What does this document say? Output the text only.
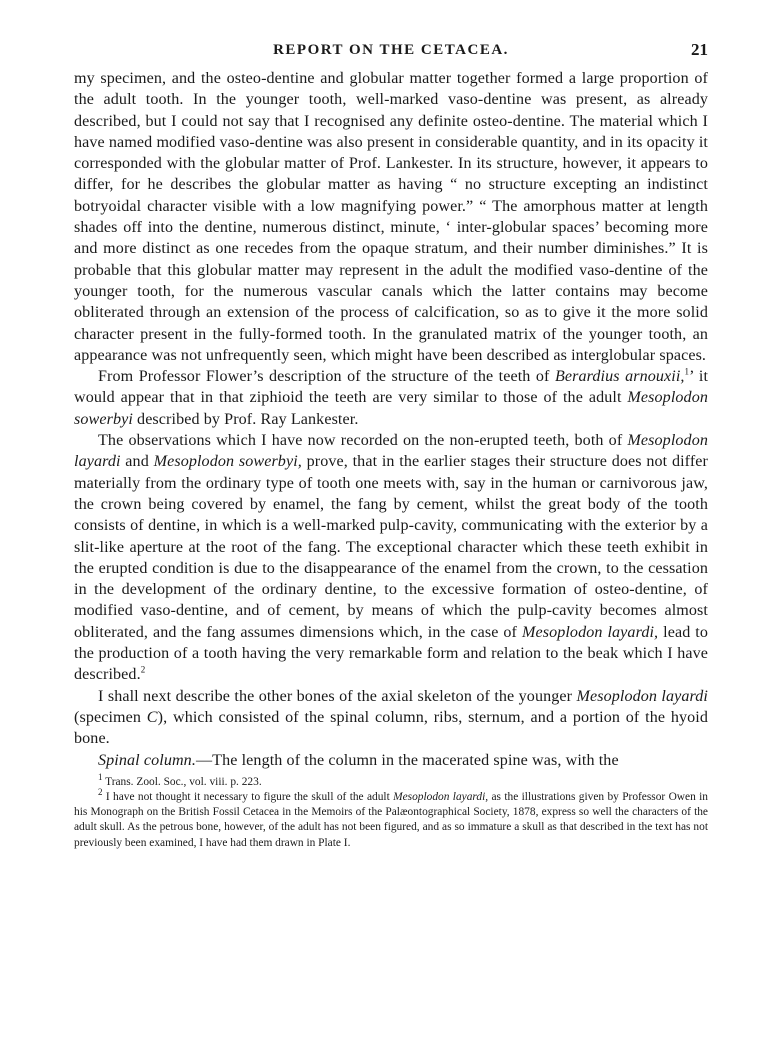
REPORT ON THE CETACEA.	21

my specimen, and the osteo-dentine and globular matter together formed a large proportion of the adult tooth. In the younger tooth, well-marked vaso-dentine was present, as already described, but I could not say that I recognised any definite osteo-dentine. The material which I have named modified vaso-dentine was also present in considerable quantity, and in its opacity it corresponded with the globular matter of Prof. Lankester. In its structure, however, it appears to differ, for he describes the globular matter as having “ no structure excepting an indistinct botryoidal character visible with a low magnifying power.” “ The amorphous matter at length shades off into the dentine, numerous distinct, minute, ‘ inter-globular spaces’ becoming more and more distinct as one recedes from the opaque stratum, and their number diminishes.” It is probable that this globular matter may represent in the adult the modified vaso-dentine of the younger tooth, for the numerous vascular canals which the latter contains may become obliterated through an extension of the process of calcification, so as to give it the more solid character present in the fully-formed tooth. In the granulated matrix of the younger tooth, an appearance was not unfrequently seen, which might have been described as interglobular spaces.

From Professor Flower’s description of the structure of the teeth of Berardius arnouxii,$^1$’ it would appear that in that ziphioid the teeth are very similar to those of the adult Mesoplodon sowerbyi described by Prof. Ray Lankester.

The observations which I have now recorded on the non-erupted teeth, both of Mesoplodon layardi and Mesoplodon sowerbyi, prove, that in the earlier stages their structure does not differ materially from the ordinary type of tooth one meets with, say in the human or carnivorous jaw, the crown being covered by enamel, the fang by cement, whilst the great body of the tooth consists of dentine, in which is a well-marked pulp-cavity, communicating with the exterior by a slit-like aperture at the root of the fang. The exceptional character which these teeth exhibit in the erupted condition is due to the disappearance of the enamel from the crown, to the cessation in the development of the ordinary dentine, to the excessive formation of osteo-dentine, of modified vaso-dentine, and of cement, by means of which the pulp-cavity becomes almost obliterated, and the fang assumes dimensions which, in the case of Mesoplodon layardi, lead to the production of a tooth having the very remarkable form and relation to the beak which I have described.$^2$

I shall next describe the other bones of the axial skeleton of the younger Mesoplodon layardi (specimen C), which consisted of the spinal column, ribs, sternum, and a portion of the hyoid bone.

Spinal column.—The length of the column in the macerated spine was, with the

$^1$ Trans. Zool. Soc., vol. viii. p. 223.

$^2$ I have not thought it necessary to figure the skull of the adult Mesoplodon layardi, as the illustrations given by Professor Owen in his Monograph on the British Fossil Cetacea in the Memoirs of the Palæontographical Society, 1878, express so well the characters of the adult skull. As the petrous bone, however, of the adult has not been figured, and as so immature a skull as that described in the text has not previously been examined, I have had them drawn in Plate I.
